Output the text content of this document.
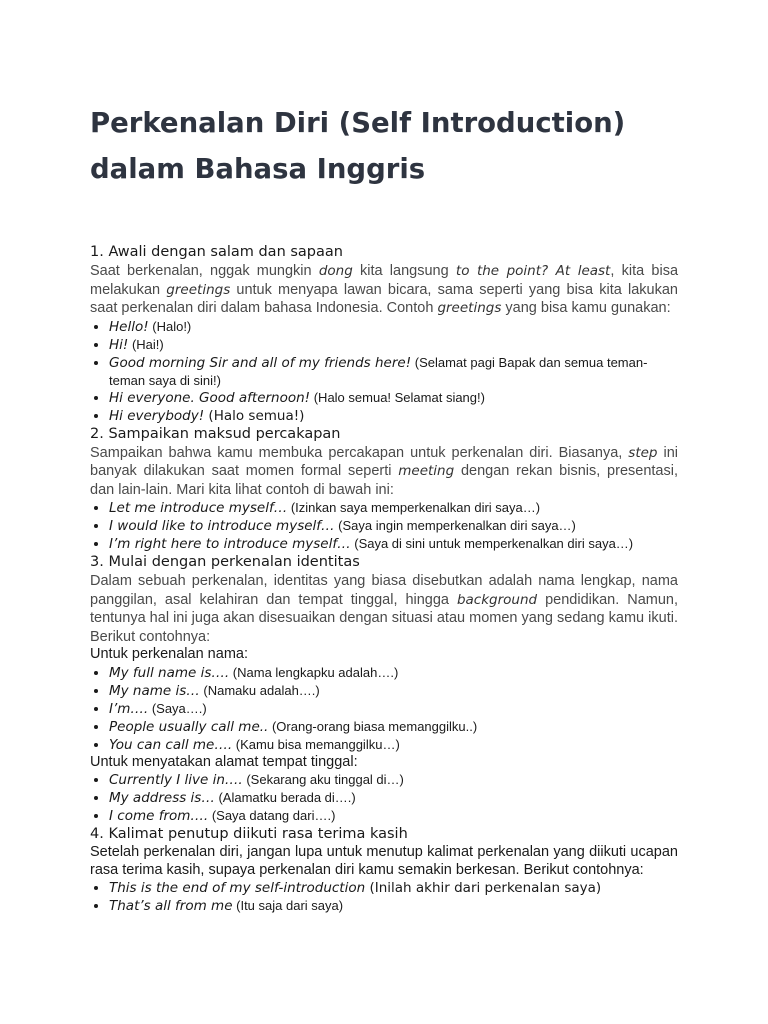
Perkenalan Diri (Self Introduction) dalam Bahasa Inggris
1. Awali dengan salam dan sapaan

Saat berkenalan, nggak mungkin dong kita langsung to the point? At least, kita bisa melakukan greetings untuk menyapa lawan bicara, sama seperti yang bisa kita lakukan saat perkenalan diri dalam bahasa Indonesia. Contoh greetings yang bisa kamu gunakan:

• Hello! (Halo!)
• Hi! (Hai!)
• Good morning Sir and all of my friends here! (Selamat pagi Bapak dan semua teman-teman saya di sini!)
• Hi everyone. Good afternoon! (Halo semua! Selamat siang!)
• Hi everybody! (Halo semua!)
2. Sampaikan maksud percakapan

Sampaikan bahwa kamu membuka percakapan untuk perkenalan diri. Biasanya, step ini banyak dilakukan saat momen formal seperti meeting dengan rekan bisnis, presentasi, dan lain-lain. Mari kita lihat contoh di bawah ini:

• Let me introduce myself… (Izinkan saya memperkenalkan diri saya…)
• I would like to introduce myself… (Saya ingin memperkenalkan diri saya…)
• I’m right here to introduce myself… (Saya di sini untuk memperkenalkan diri saya…)
3. Mulai dengan perkenalan identitas

Dalam sebuah perkenalan, identitas yang biasa disebutkan adalah nama lengkap, nama panggilan, asal kelahiran dan tempat tinggal, hingga background pendidikan. Namun, tentunya hal ini juga akan disesuaikan dengan situasi atau momen yang sedang kamu ikuti. Berikut contohnya:

Untuk perkenalan nama:

• My full name is…. (Nama lengkapku adalah….)
• My name is… (Namaku adalah….)
• I’m…. (Saya….)
• People usually call me.. (Orang-orang biasa memanggilku..)
• You can call me…. (Kamu bisa memanggilku…)

Untuk menyatakan alamat tempat tinggal:

• Currently I live in…. (Sekarang aku tinggal di…)
• My address is… (Alamatku berada di….)
• I come from…. (Saya datang dari….)
4. Kalimat penutup diikuti rasa terima kasih

Setelah perkenalan diri, jangan lupa untuk menutup kalimat perkenalan yang diikuti ucapan rasa terima kasih, supaya perkenalan diri kamu semakin berkesan. Berikut contohnya:

• This is the end of my self-introduction (Inilah akhir dari perkenalan saya)
• That’s all from me (Itu saja dari saya)
